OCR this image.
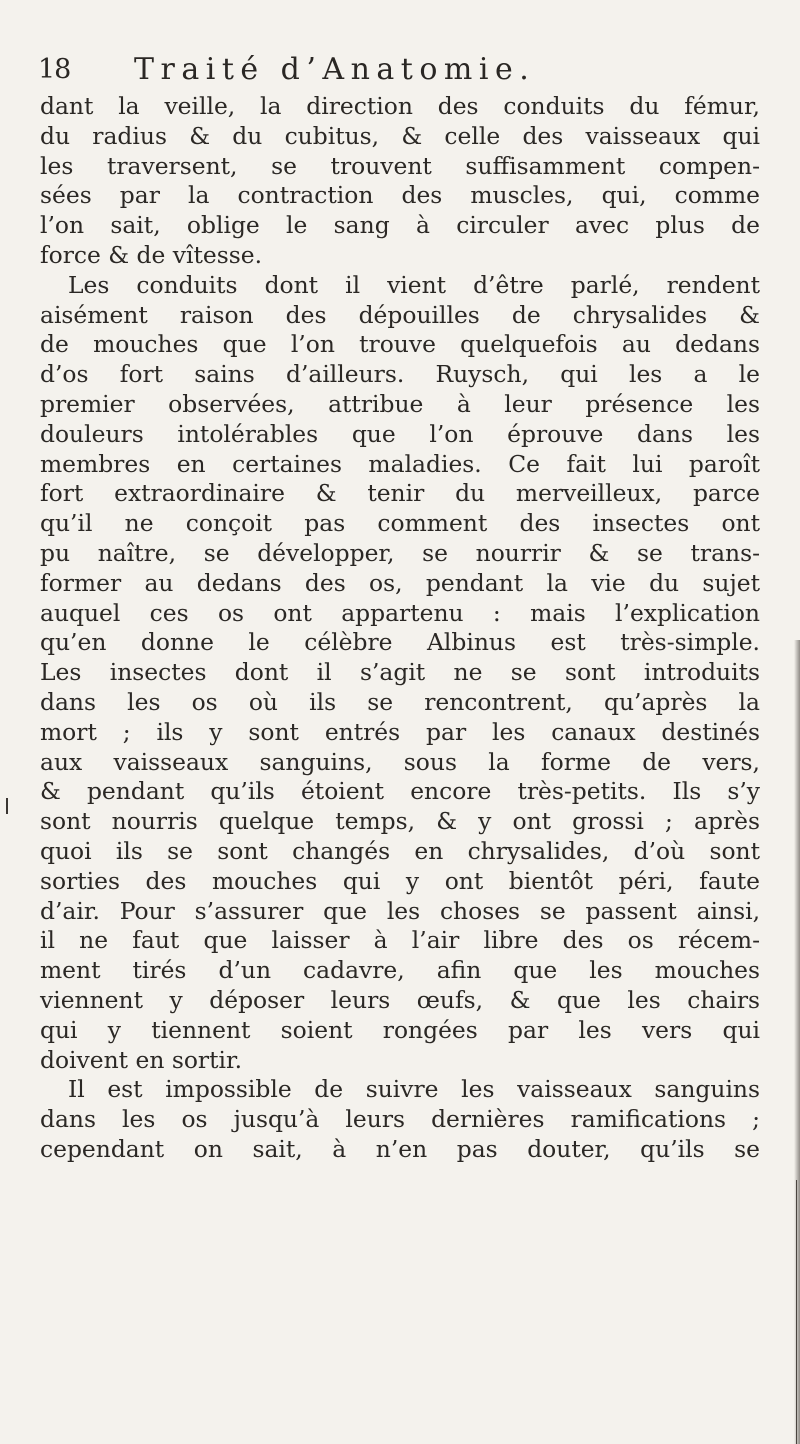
18 Traité d’Anatomie.
dant la veille, la direction des conduits du fémur,
du radius & du cubitus, & celle des vaisseaux qui
les traversent, se trouvent suffisamment compen-
sées par la contraction des muscles, qui, comme
l’on sait, oblige le sang à circuler avec plus de
force & de vîtesse.
Les conduits dont il vient d’être parlé, rendent
aisément raison des dépouilles de chrysalides &
de mouches que l’on trouve quelquefois au dedans
d’os fort sains d’ailleurs. Ruysch, qui les a le
premier observées, attribue à leur présence les
douleurs intolérables que l’on éprouve dans les
membres en certaines maladies. Ce fait lui paroît
fort extraordinaire & tenir du merveilleux, parce
qu’il ne conçoit pas comment des insectes ont
pu naître, se développer, se nourrir & se trans-
former au dedans des os, pendant la vie du sujet
auquel ces os ont appartenu : mais l’explication
qu’en donne le célèbre Albinus est très-simple.
Les insectes dont il s’agit ne se sont introduits
dans les os où ils se rencontrent, qu’après la
mort ; ils y sont entrés par les canaux destinés
aux vaisseaux sanguins, sous la forme de vers,
& pendant qu’ils étoient encore très-petits. Ils s’y
sont nourris quelque temps, & y ont grossi ; après
quoi ils se sont changés en chrysalides, d’où sont
sorties des mouches qui y ont bientôt péri, faute
d’air. Pour s’assurer que les choses se passent ainsi,
il ne faut que laisser à l’air libre des os récem-
ment tirés d’un cadavre, afin que les mouches
viennent y déposer leurs œufs, & que les chairs
qui y tiennent soient rongées par les vers qui
doivent en sortir.
Il est impossible de suivre les vaisseaux sanguins
dans les os jusqu’à leurs dernières ramifications ;
cependant on sait, à n’en pas douter, qu’ils se
